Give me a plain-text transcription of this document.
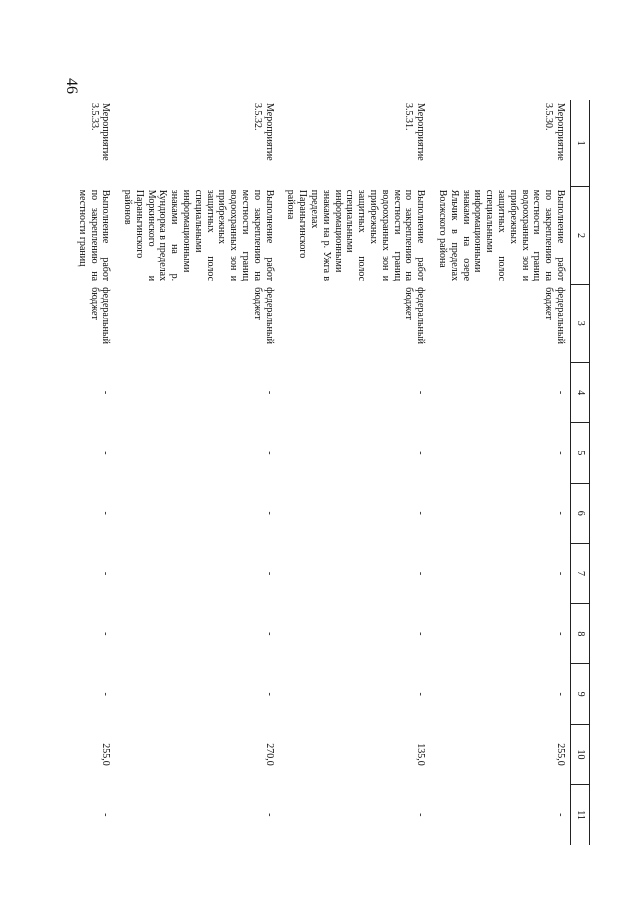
46
1	2	3	4	5	6	7	8	9	10	11
Мероприятие 3.5.30.	Выполнение работ по закреплению на местности границ водоохранных зон и прибрежных защитных полос специальными информационными знаками на озере Яльчик в пределах Волжского района	федеральный бюджет	-	-	-	-	-	-	255,0	-
Мероприятие 3.5.31.	Выполнение работ по закреплению на местности границ водоохранных зон и прибрежных защитных полос специальными информационными знаками на р. Ужга в пределах Параньгинского района	федеральный бюджет	-	-	-	-	-	-	135,0	-
Мероприятие 3.5.32.	Выполнение работ по закреплению на местности границ водоохранных зон и прибрежных защитных полос специальными информационными знаками на р. Кундюрка в пределах Моркинского и Параньгинского районов	федеральный бюджет	-	-	-	-	-	-	270,0	-
Мероприятие 3.5.33.	Выполнение работ по закреплению на местности границ	федеральный бюджет	-	-	-	-	-	-	255,0	-
